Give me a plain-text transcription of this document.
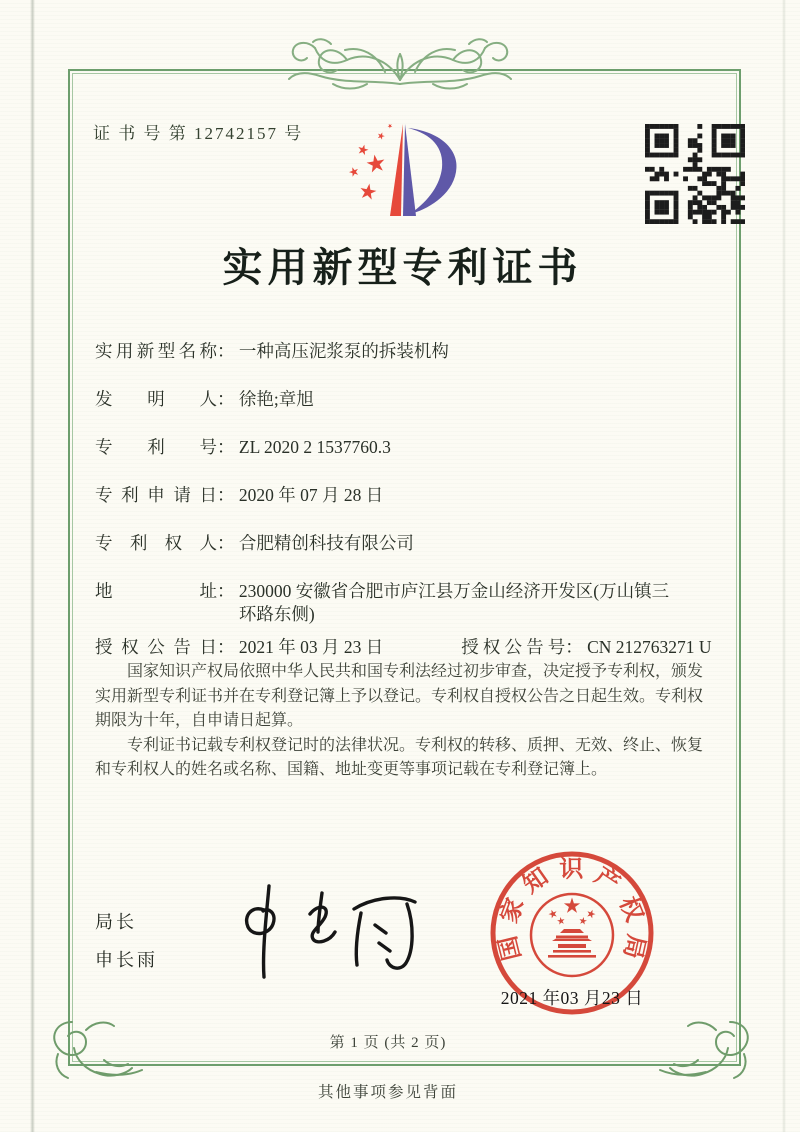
证 书 号 第 12742157 号
实用新型专利证书
实用新型名称： 一种高压泥浆泵的拆装机构
发 明 人： 徐艳;章旭
专 利 号： ZL 2020 2 1537760.3
专利申请日： 2020 年 07 月 28 日
专 利 权 人： 合肥精创科技有限公司
地 址： 230000 安徽省合肥市庐江县万金山经济开发区(万山镇三环路东侧)
授权公告日： 2021 年 03 月 23 日	授权公告号： CN 212763271 U

国家知识产权局依照中华人民共和国专利法经过初步审查，决定授予专利权，颁发实用新型专利证书并在专利登记簿上予以登记。专利权自授权公告之日起生效。专利权期限为十年，自申请日起算。

专利证书记载专利权登记时的法律状况。专利权的转移、质押、无效、终止、恢复和专利权人的姓名或名称、国籍、地址变更等事项记载在专利登记簿上。

局长
申长雨	国家知识产权局
2021 年03 月23 日
第 1 页 (共 2 页)
其他事项参见背面
